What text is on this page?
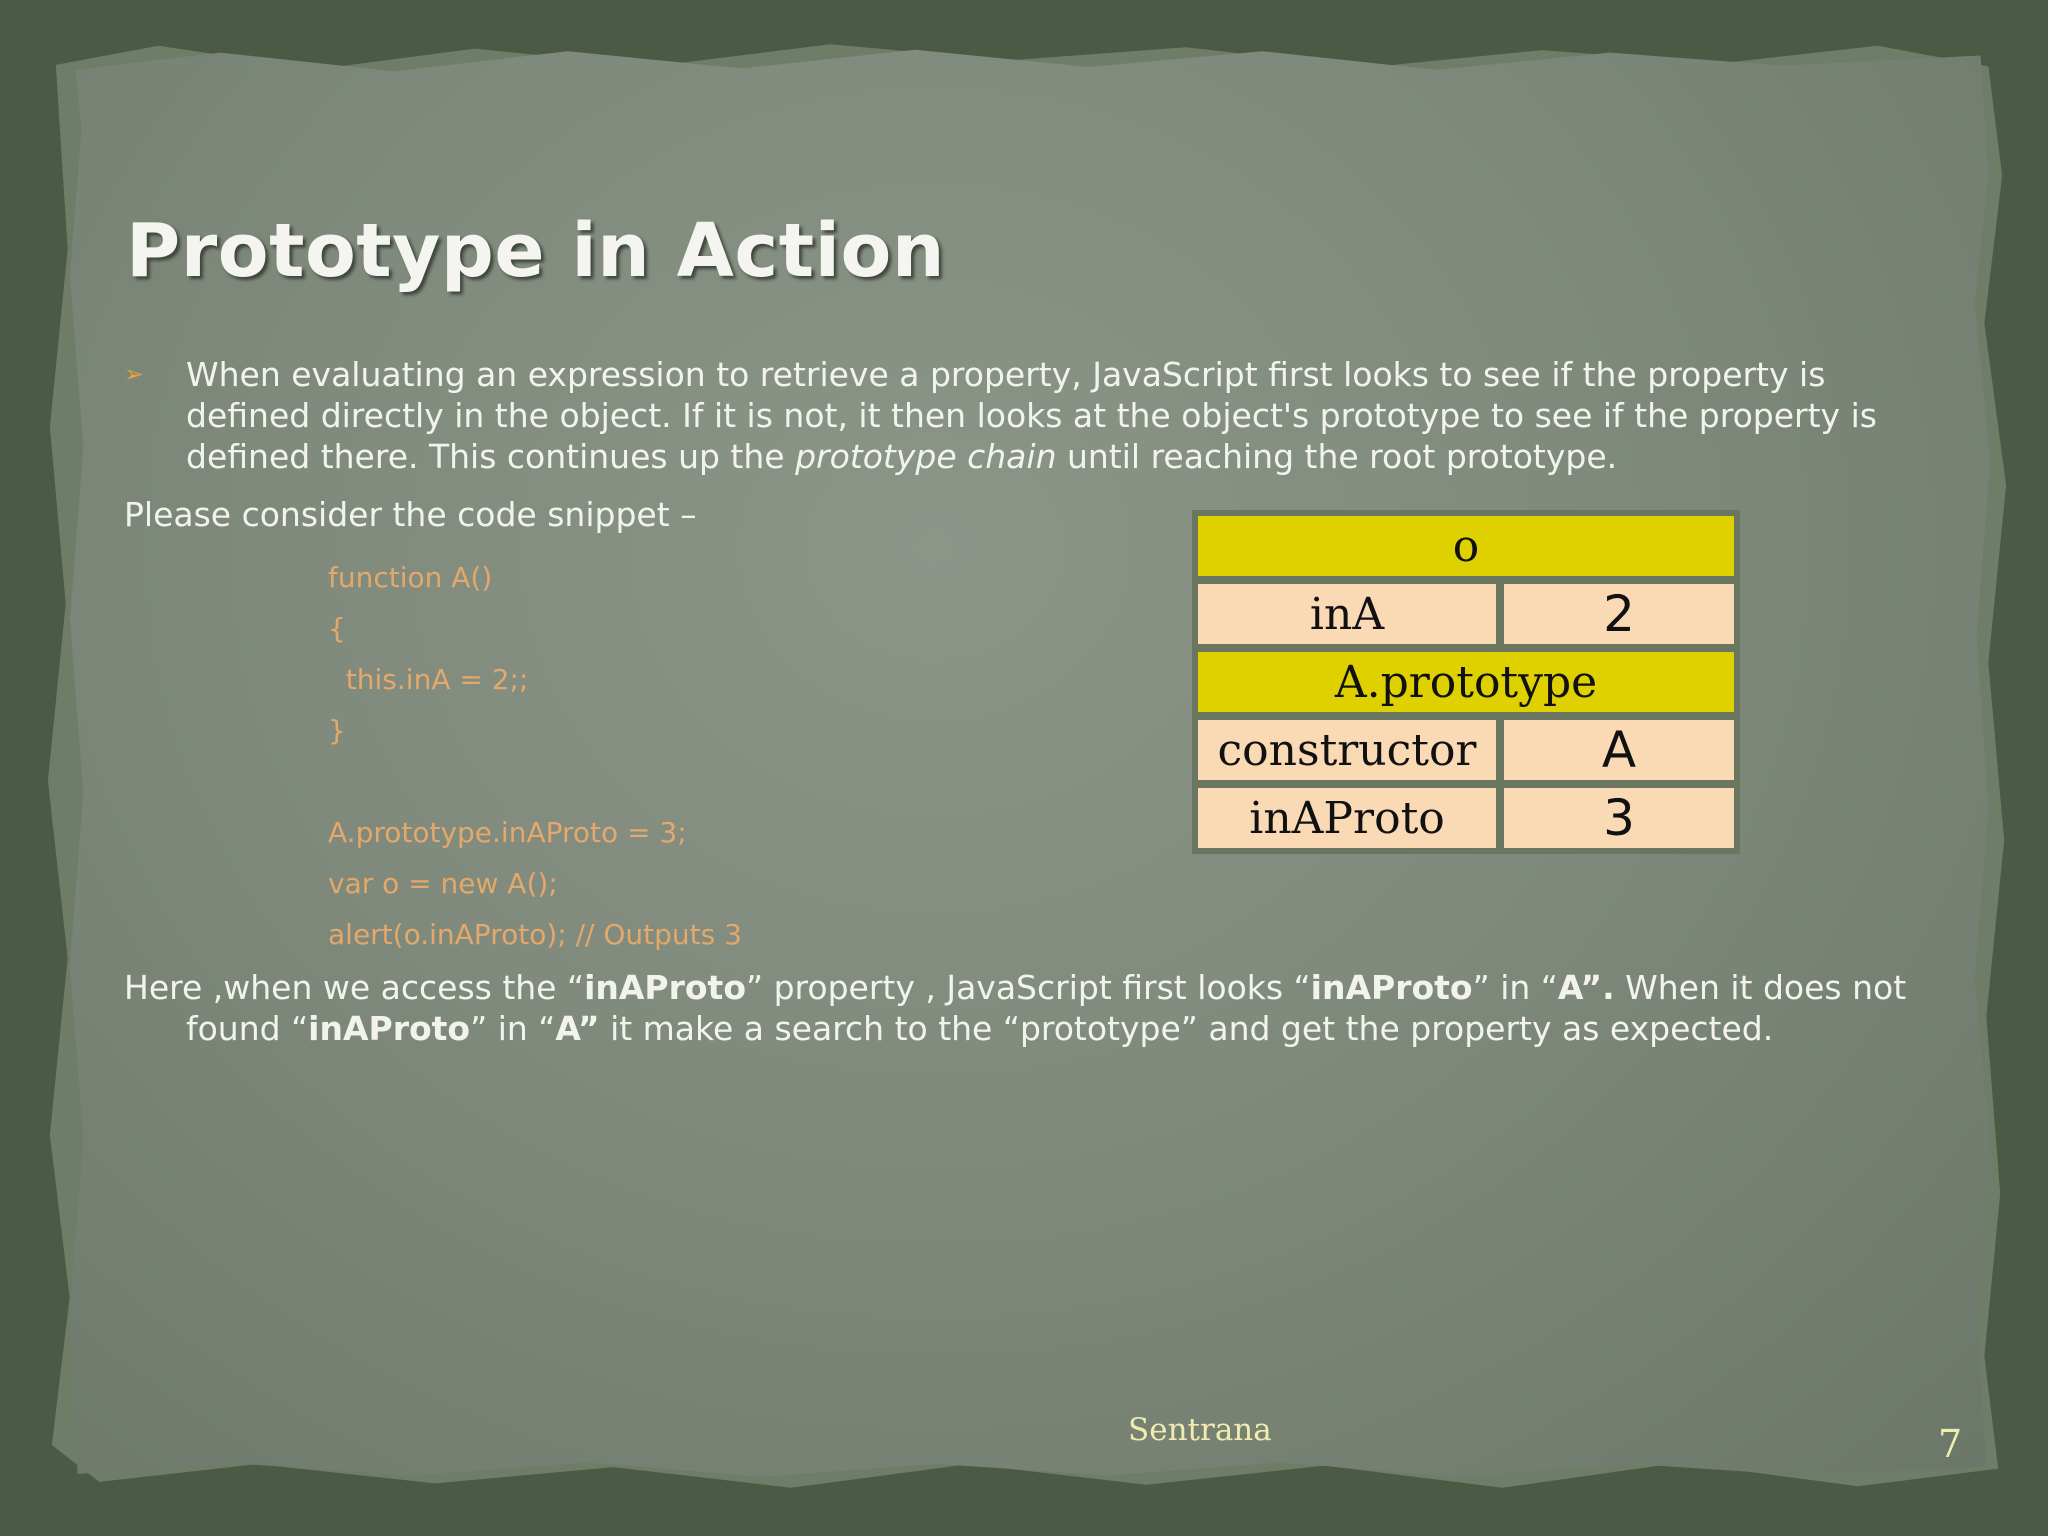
Prototype in Action
➢ When evaluating an expression to retrieve a property, JavaScript first looks to see if the property is defined directly in the object. If it is not, it then looks at the object's prototype to see if the property is defined there. This continues up the prototype chain until reaching the root prototype.
Please consider the code snippet –
function A()
{
this.inA = 2;;
}

A.prototype.inAProto = 3;
var o = new A();
alert(o.inAProto); // Outputs 3
o
inA	2
A.prototype
constructor	A
inAProto	3
Here ,when we access the “inAProto” property , JavaScript first looks “inAProto” in “A”. When it does not found “inAProto” in “A” it make a search to the “prototype” and get the property as expected.
Sentrana	7
